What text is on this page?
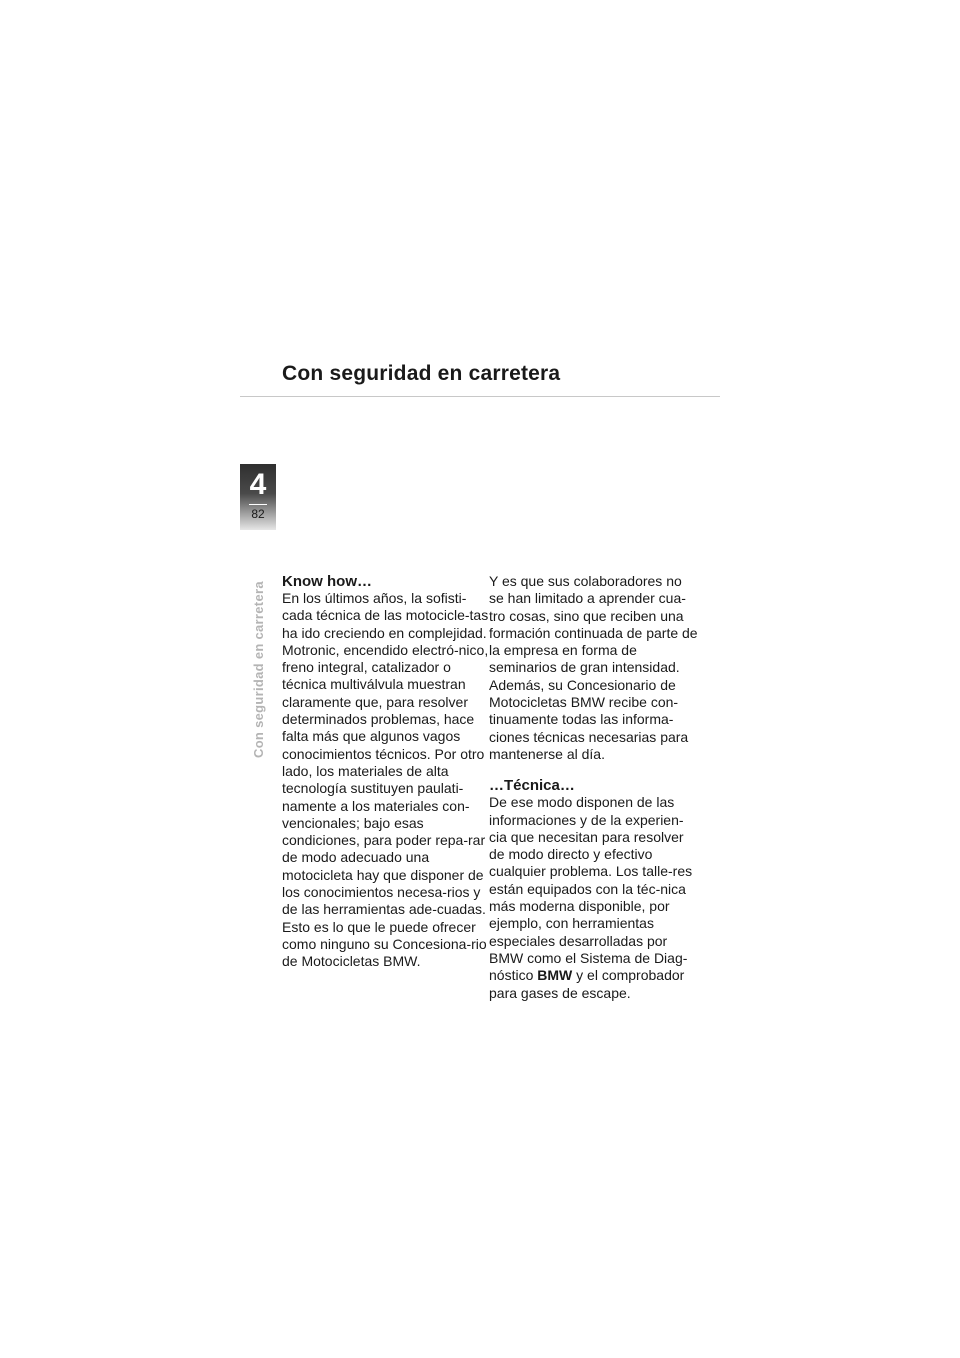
Con seguridad en carretera
4
82
Con seguridad en carretera Know how…

En los últimos años, la sofisti-cada técnica de las motocicle-tas ha ido creciendo en complejidad.

Motronic, encendido electró-nico, freno integral, catalizador o técnica multiválvula muestran claramente que, para resolver determinados problemas, hace falta más que algunos vagos conocimientos técnicos. Por otro lado, los materiales de alta tecnología sustituyen paulati-namente a los materiales con-vencionales; bajo esas condiciones, para poder repa-rar de modo adecuado una motocicleta hay que disponer de los conocimientos necesa-rios y de las herramientas ade-cuadas.

Esto es lo que le puede ofrecer como ninguno su Concesiona-rio de Motocicletas BMW.

Y es que sus colaboradores no se han limitado a aprender cua-tro cosas, sino que reciben una formación continuada de parte de la empresa en forma de seminarios de gran intensidad.

Además, su Concesionario de Motocicletas BMW recibe con-tinuamente todas las informa-ciones técnicas necesarias para mantenerse al día.

…Técnica…

De ese modo disponen de las informaciones y de la experien-cia que necesitan para resolver de modo directo y efectivo cualquier problema. Los talle-res están equipados con la téc-nica más moderna disponible, por ejemplo, con herramientas especiales desarrolladas por BMW como el Sistema de Diag-nóstico BMW y el comprobador para gases de escape.
